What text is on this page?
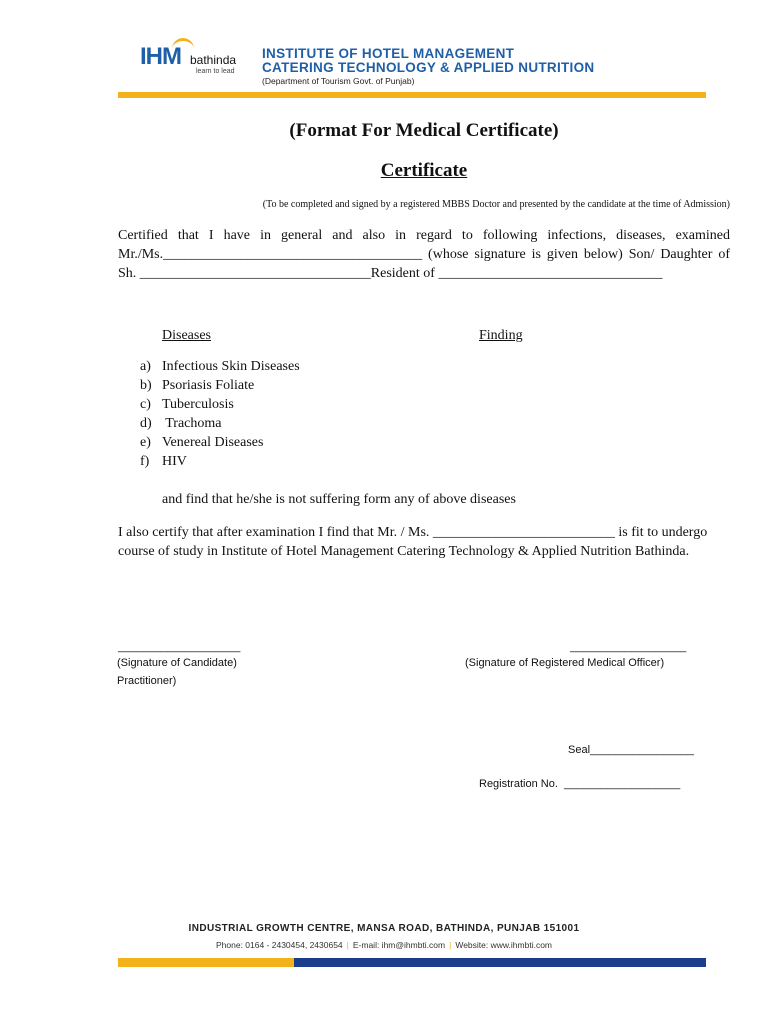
IHM bathinda
learn to lead
INSTITUTE OF HOTEL MANAGEMENT
CATERING TECHNOLOGY & APPLIED NUTRITION
(Department of Tourism Govt. of Punjab)
(Format For Medical Certificate)
Certificate
(To be completed and signed by a registered MBBS Doctor and presented by the candidate at the time of Admission)
Certified that I have in general and also in regard to following infections, diseases, examined
Mr./Ms._____________________________________ (whose signature is given below) Son/ Daughter of
Sh. _________________________________Resident of ________________________________
Diseases	Finding
a) Infectious Skin Diseases
b) Psoriasis Foliate
c) Tuberculosis
d) Trachoma
e) Venereal Diseases
f) HIV
and find that he/she is not suffering form any of above diseases
I also certify that after examination I find that Mr. / Ms. __________________________ is fit to undergo
course of study in Institute of Hotel Management Catering Technology & Applied Nutrition Bathinda.
____________________
(Signature of Candidate)
Practitioner)
___________________
(Signature of Registered Medical Officer)
Seal_________________
Registration No.  ___________________
INDUSTRIAL GROWTH CENTRE, MANSA ROAD, BATHINDA, PUNJAB 151001
Phone: 0164 - 2430454, 2430654 | E-mail: ihm@ihmbti.com | Website: www.ihmbti.com
